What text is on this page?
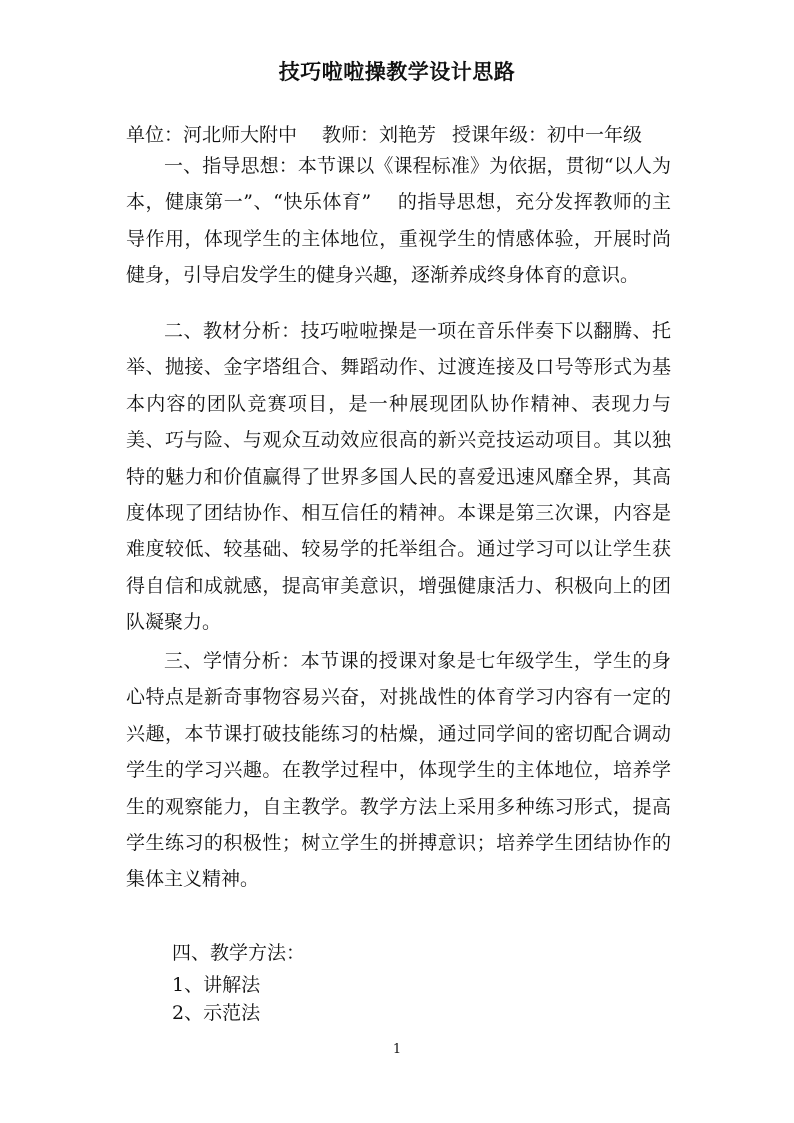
技巧啦啦操教学设计思路
单位：河北师大附中 教师：刘艳芳 授课年级：初中一年级

一、指导思想：本节课以《课程标准》为依据，贯彻“以人为本，健康第一”、“快乐体育”　 的指导思想，充分发挥教师的主导作用，体现学生的主体地位，重视学生的情感体验，开展时尚健身，引导启发学生的健身兴趣，逐渐养成终身体育的意识。

二、教材分析：技巧啦啦操是一项在音乐伴奏下以翻腾、托举、抛接、金字塔组合、舞蹈动作、过渡连接及口号等形式为基本内容的团队竞赛项目，是一种展现团队协作精神、表现力与美、巧与险、与观众互动效应很高的新兴竞技运动项目。其以独特的魅力和价值赢得了世界多国人民的喜爱迅速风靡全界，其高度体现了团结协作、相互信任的精神。本课是第三次课，内容是难度较低、较基础、较易学的托举组合。通过学习可以让学生获得自信和成就感，提高审美意识，增强健康活力、积极向上的团队凝聚力。

三、学情分析：本节课的授课对象是七年级学生，学生的身心特点是新奇事物容易兴奋，对挑战性的体育学习内容有一定的兴趣，本节课打破技能练习的枯燥，通过同学间的密切配合调动学生的学习兴趣。在教学过程中，体现学生的主体地位，培养学生的观察能力，自主教学。教学方法上采用多种练习形式，提高学生练习的积极性；树立学生的拼搏意识；培养学生团结协作的集体主义精神。

四、教学方法：
1、讲解法
2、示范法
1
